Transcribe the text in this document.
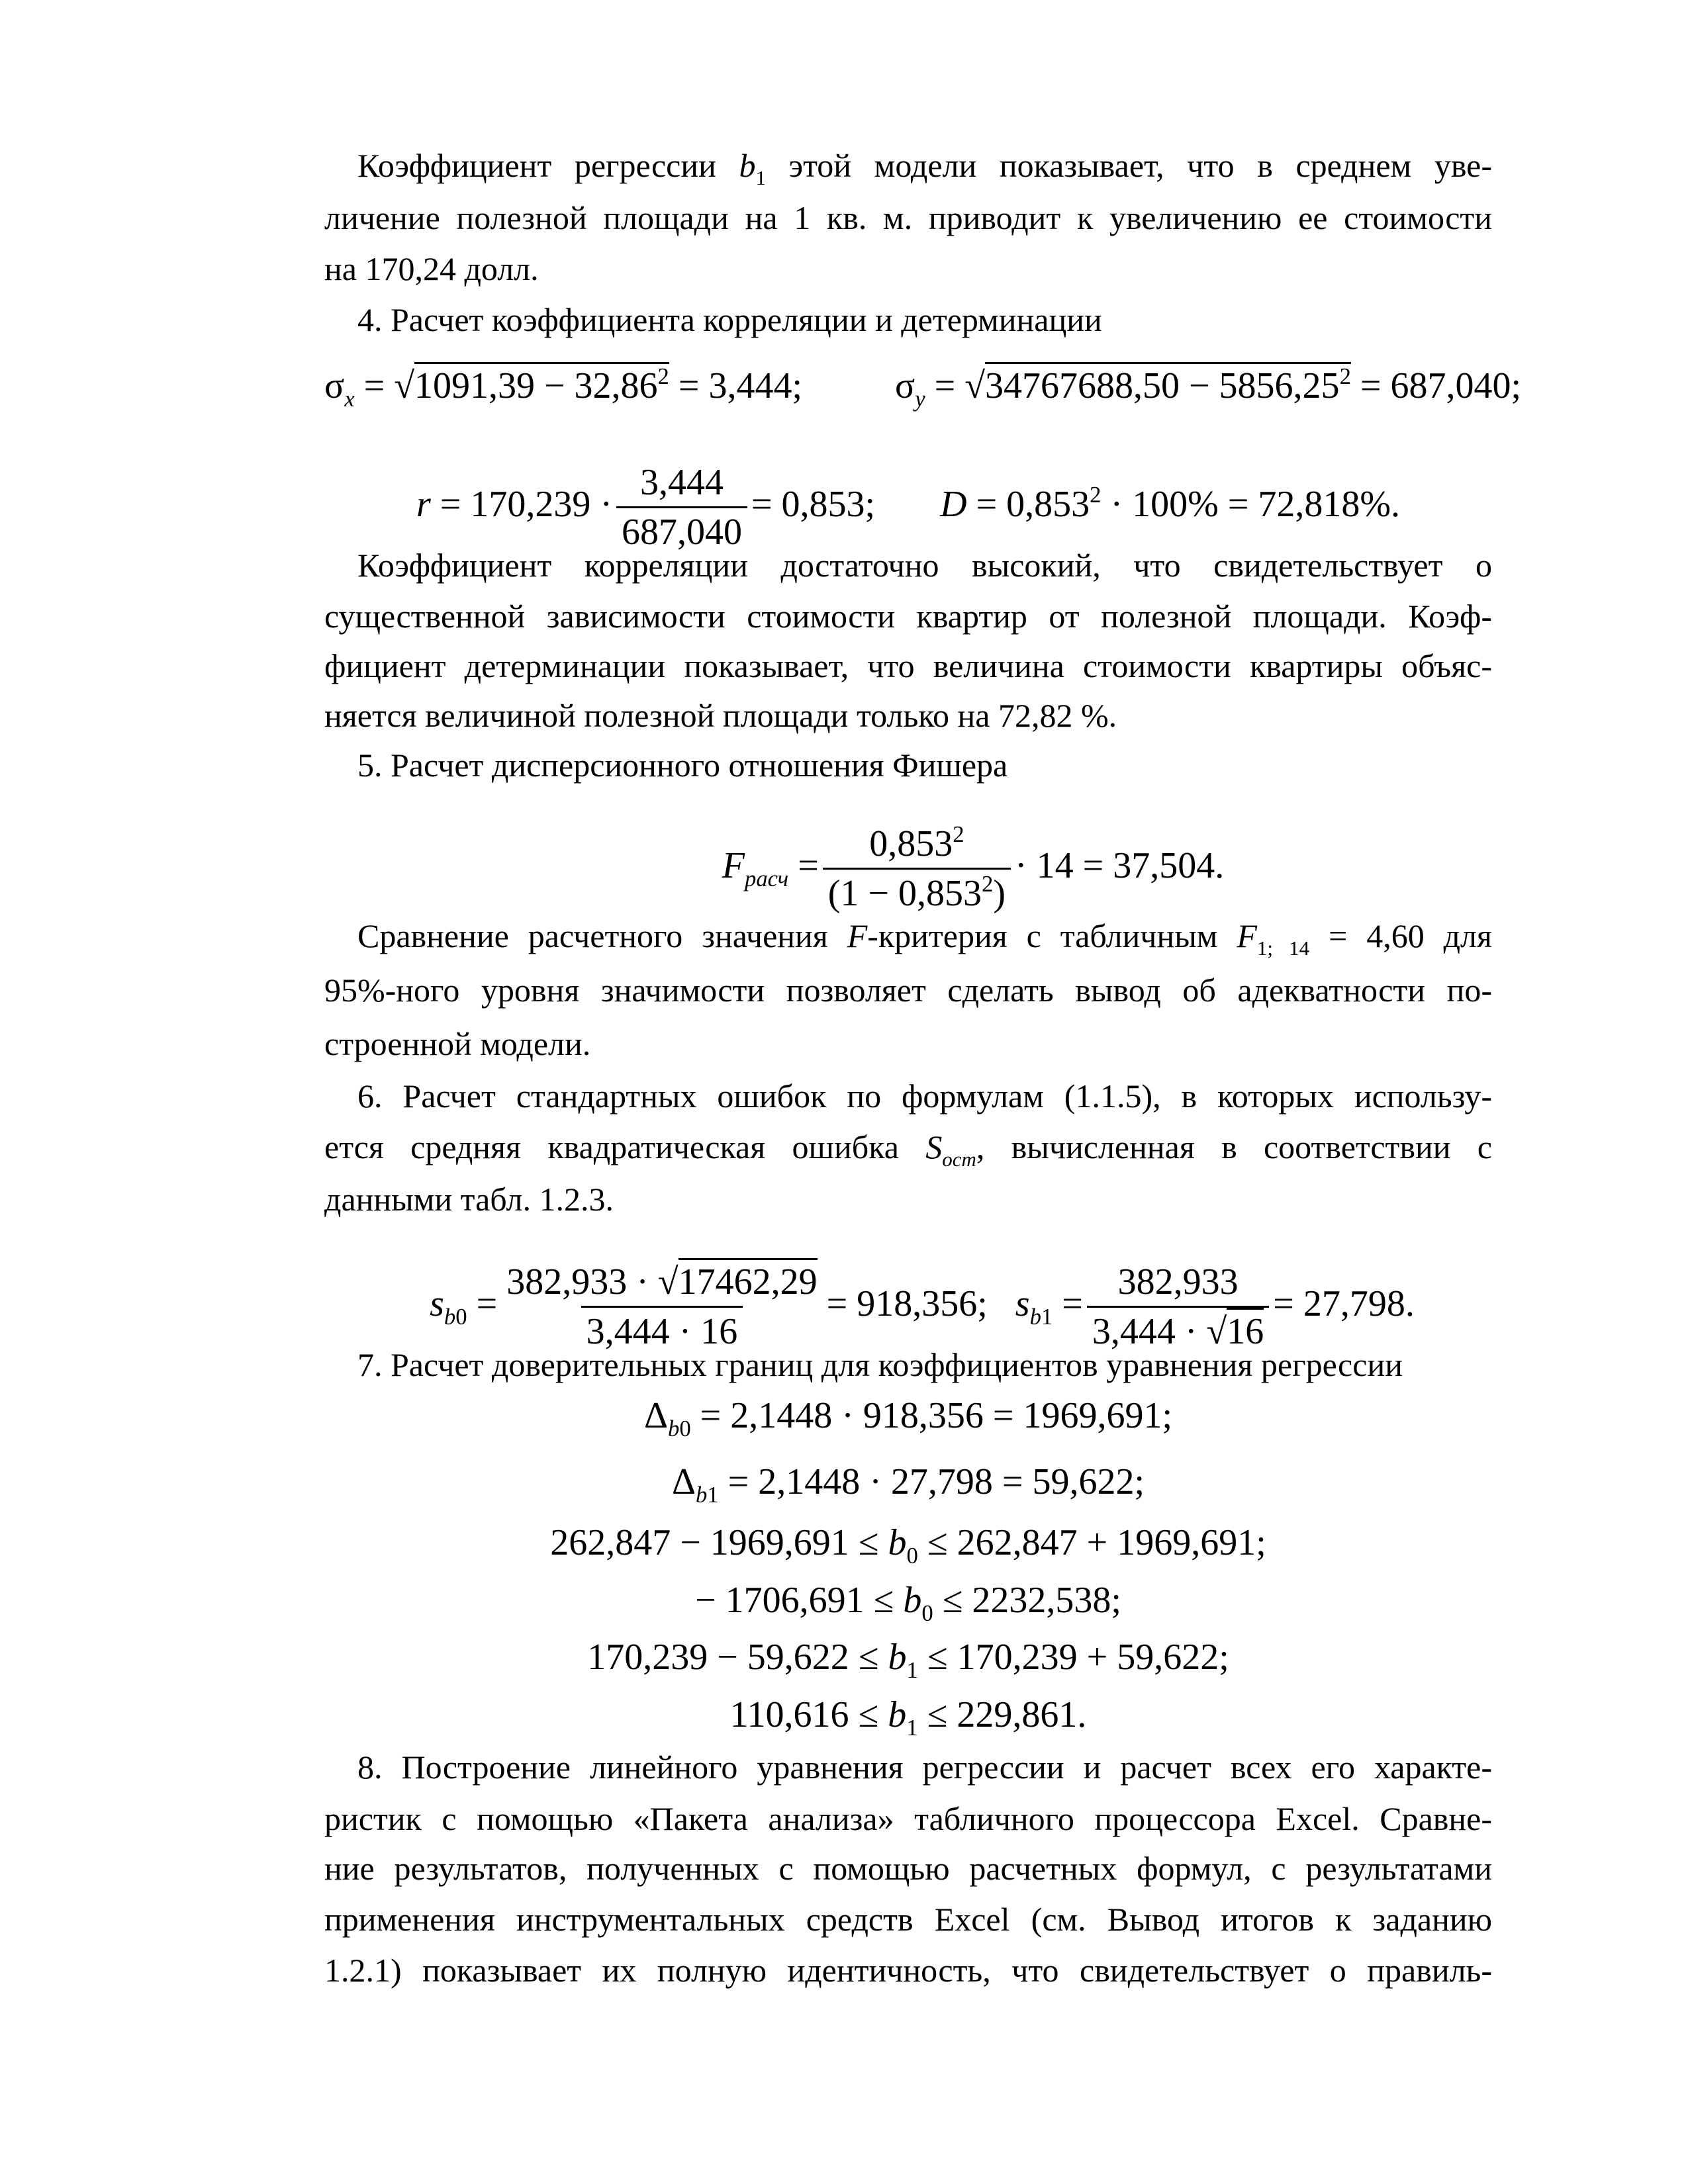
Коэффициент регрессии $b_1$ этой модели показывает, что в среднем уве-
личение полезной площади на 1 кв. м. приводит к увеличению ее стоимости
на 170,24 долл.
4. Расчет коэффициента корреляции и детерминации
$\sigma_x = √1091,39 - 32,86^2 = 3,444$;          $\sigma_y = √34767688,50 - 5856,25^2 = 687,040$;
$r = 170,239 \cdot \frac{3,444}{687,040} = 0,853$;       $D = 0,853^2 \cdot 100\% = 72,818\%$.
Коэффициент корреляции достаточно высокий, что свидетельствует о
существенной зависимости стоимости квартир от полезной площади. Коэф-
фициент детерминации показывает, что величина стоимости квартиры объяс-
няется величиной полезной площади только на 72,82 %.
5. Расчет дисперсионного отношения Фишера
$F_{расч} = \frac{0,853^2}{(1 - 0,853^2)} \cdot 14 = 37,504$.
Сравнение расчетного значения F-критерия с табличным $F_{1; 14} = 4,60$ для
95%-ного уровня значимости позволяет сделать вывод об адекватности по-
строенной модели.
6. Расчет стандартных ошибок по формулам (1.1.5), в которых использу-
ется средняя квадратическая ошибка $S_{ост}$, вычисленная в соответствии с
данными табл. 1.2.3.
$s_{b0} = \frac{382,933 \cdot √17462,29}{3,444 \cdot 16} = 918,356$;   $s_{b1} = \frac{382,933}{3,444 \cdot √16} = 27,798$.
7. Расчет доверительных границ для коэффициентов уравнения регрессии
$\Delta_{b0} = 2,1448 \cdot 918,356 = 1969,691$;
$\Delta_{b1} = 2,1448 \cdot 27,798 = 59,622$;
$262,847 - 1969,691 \le b_0 \le 262,847 + 1969,691$;
− $1706,691 \le b_0 \le 2232,538$;
$170,239 - 59,622 \le b_1 \le 170,239 + 59,622$;
$110,616 \le b_1 \le 229,861$.
8. Построение линейного уравнения регрессии и расчет всех его характе-
ристик с помощью «Пакета анализа» табличного процессора Excel. Сравне-
ние результатов, полученных с помощью расчетных формул, с результатами
применения инструментальных средств Excel (см. Вывод итогов к заданию
1.2.1) показывает их полную идентичность, что свидетельствует о правиль-
